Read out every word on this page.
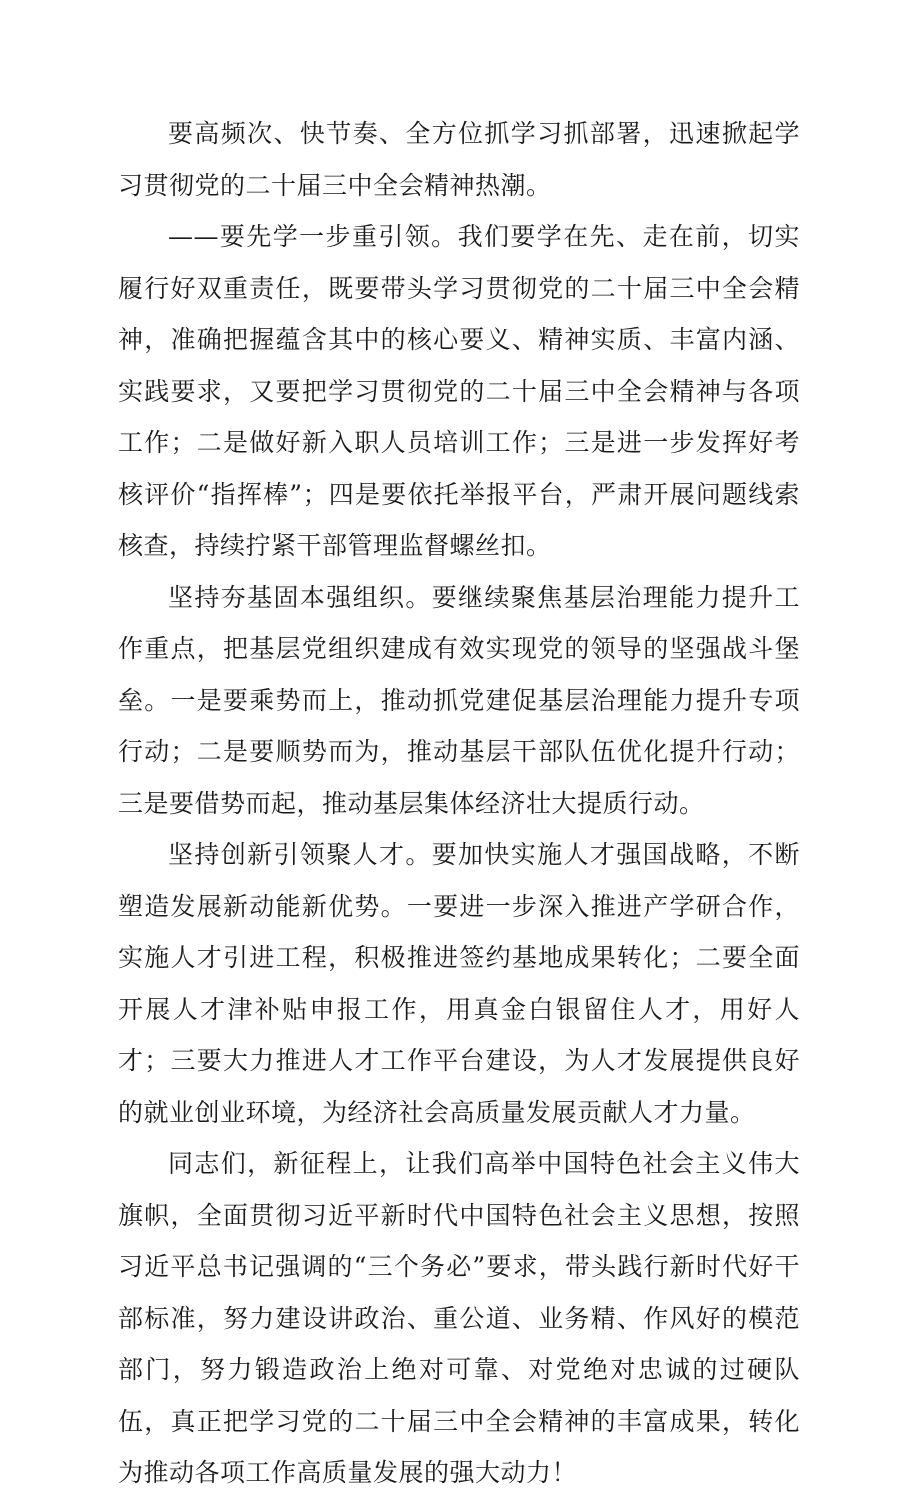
要高频次、快节奏、全方位抓学习抓部署，迅速掀起学习贯彻党的二十届三中全会精神热潮。

——要先学一步重引领。我们要学在先、走在前，切实履行好双重责任，既要带头学习贯彻党的二十届三中全会精神，准确把握蕴含其中的核心要义、精神实质、丰富内涵、实践要求，又要把学习贯彻党的二十届三中全会精神与各项工作；二是做好新入职人员培训工作；三是进一步发挥好考核评价“指挥棒”；四是要依托举报平台，严肃开展问题线索核查，持续拧紧干部管理监督螺丝扣。

坚持夯基固本强组织。要继续聚焦基层治理能力提升工作重点，把基层党组织建成有效实现党的领导的坚强战斗堡垒。一是要乘势而上，推动抓党建促基层治理能力提升专项行动；二是要顺势而为，推动基层干部队伍优化提升行动；三是要借势而起，推动基层集体经济壮大提质行动。

坚持创新引领聚人才。要加快实施人才强国战略，不断塑造发展新动能新优势。一要进一步深入推进产学研合作，实施人才引进工程，积极推进签约基地成果转化；二要全面开展人才津补贴申报工作，用真金白银留住人才，用好人才；三要大力推进人才工作平台建设，为人才发展提供良好的就业创业环境，为经济社会高质量发展贡献人才力量。

同志们，新征程上，让我们高举中国特色社会主义伟大旗帜，全面贯彻习近平新时代中国特色社会主义思想，按照习近平总书记强调的“三个务必”要求，带头践行新时代好干部标准，努力建设讲政治、重公道、业务精、作风好的模范部门，努力锻造政治上绝对可靠、对党绝对忠诚的过硬队伍，真正把学习党的二十届三中全会精神的丰富成果，转化为推动各项工作高质量发展的强大动力！
